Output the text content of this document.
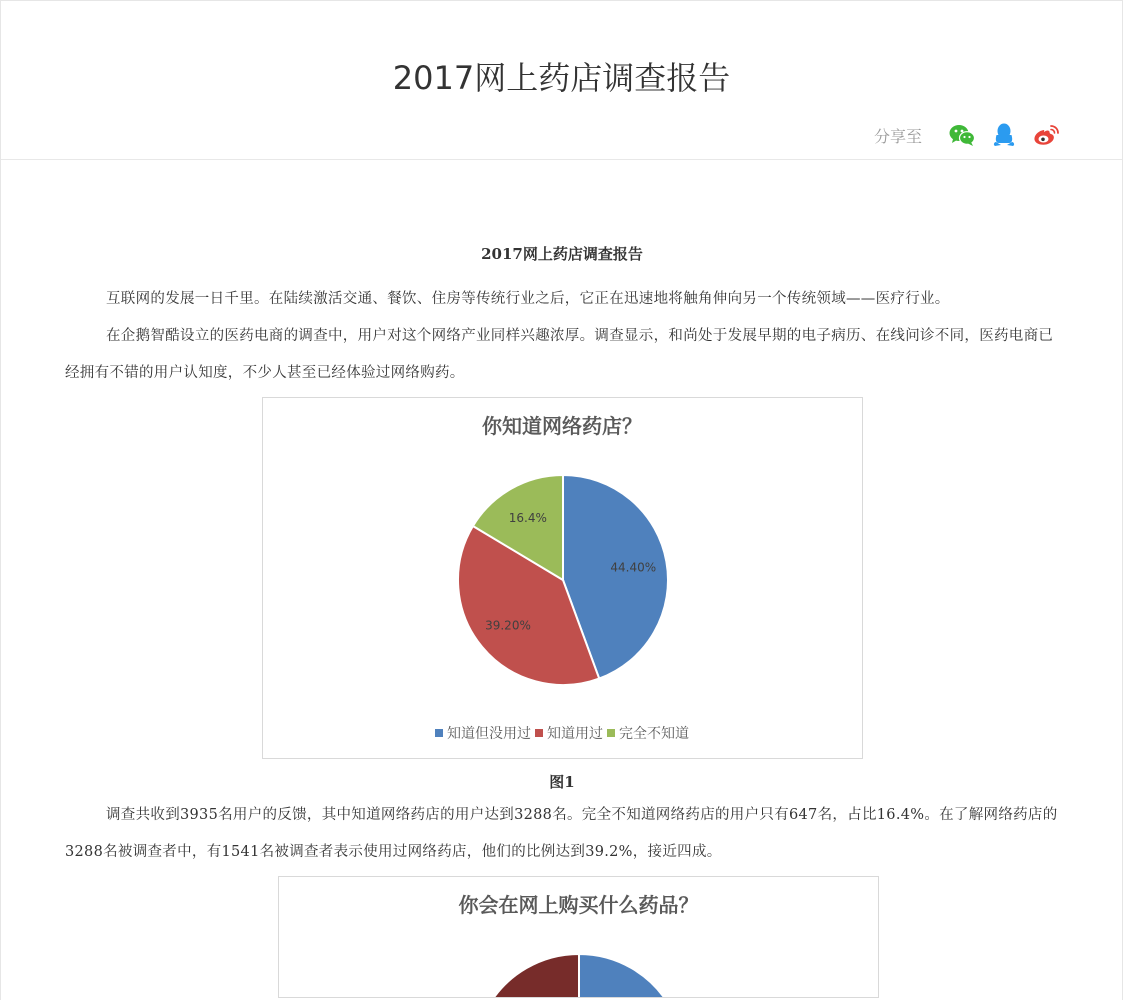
2017网上药店调查报告
分享至
2017网上药店调查报告

互联网的发展一日千里。在陆续激活交通、餐饮、住房等传统行业之后，它正在迅速地将触角伸向另一个传统领域——医疗行业。

在企鹅智酷设立的医药电商的调查中，用户对这个网络产业同样兴趣浓厚。调查显示，和尚处于发展早期的电子病历、在线问诊不同，医药电商已经拥有不错的用户认知度，不少人甚至已经体验过网络购药。

你知道网络药店？
44.40%
39.20%
16.4%
知道但没用过 知道用过 完全不知道
图1

调查共收到3935名用户的反馈，其中知道网络药店的用户达到3288名。完全不知道网络药店的用户只有647名，占比16.4%。在了解网络药店的3288名被调查者中，有1541名被调查者表示使用过网络药店，他们的比例达到39.2%，接近四成。

你会在网上购买什么药品？
